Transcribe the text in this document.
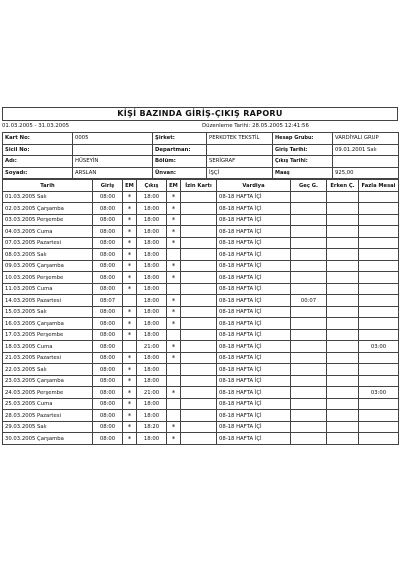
KİŞİ BAZINDA GİRİŞ-ÇIKIŞ RAPORU
01.03.2005 - 31.03.2005	Düzenleme Tarihi: 28.05.2005 12:41:56
Kart No:	0005	Şirket:	PERKOTEK TEKSTİL	Hesap Grubu:	VARDİYALI GRUP
Sicil No:		Departman:		Giriş Tarihi:	09.01.2001 Salı
Adı:	HÜSEYİN	Bölüm:	SERİGRAF	Çıkış Tarihi:	
Soyadı:	ARSLAN	Ünvan:	İŞÇİ	Maaş	925,00
Tarih	Giriş	EM	Çıkış	EM	İzin Kartı	Vardiya	Geç G.	Erken Ç.	Fazla Mesai
01.03.2005 Salı	08:00	*	18:00	*		08-18 HAFTA İÇİ			
02.03.2005 Çarşamba	08:00	*	18:00	*		08-18 HAFTA İÇİ			
03.03.2005 Perşembe	08:00	*	18:00	*		08-18 HAFTA İÇİ			
04.03.2005 Cuma	08:00	*	18:00	*		08-18 HAFTA İÇİ			
07.03.2005 Pazartesi	08:00	*	18:00	*		08-18 HAFTA İÇİ			
08.03.2005 Salı	08:00	*	18:00			08-18 HAFTA İÇİ			
09.03.2005 Çarşamba	08:00	*	18:00	*		08-18 HAFTA İÇİ			
10.03.2005 Perşembe	08:00	*	18:00	*		08-18 HAFTA İÇİ			
11.03.2005 Cuma	08:00	*	18:00			08-18 HAFTA İÇİ			
14.03.2005 Pazartesi	08:07		18:00	*		08-18 HAFTA İÇİ	00:07		
15.03.2005 Salı	08:00	*	18:00	*		08-18 HAFTA İÇİ			
16.03.2005 Çarşamba	08:00	*	18:00	*		08-18 HAFTA İÇİ			
17.03.2005 Perşembe	08:00	*	18:00			08-18 HAFTA İÇİ			
18.03.2005 Cuma	08:00		21:00	*		08-18 HAFTA İÇİ			03:00
21.03.2005 Pazartesi	08:00	*	18:00	*		08-18 HAFTA İÇİ			
22.03.2005 Salı	08:00	*	18:00			08-18 HAFTA İÇİ			
23.03.2005 Çarşamba	08:00	*	18:00			08-18 HAFTA İÇİ			
24.03.2005 Perşembe	08:00	*	21:00	*		08-18 HAFTA İÇİ			03:00
25.03.2005 Cuma	08:00	*	18:00			08-18 HAFTA İÇİ			
28.03.2005 Pazartesi	08:00	*	18:00			08-18 HAFTA İÇİ			
29.03.2005 Salı	08:00	*	18:20	*		08-18 HAFTA İÇİ			
30.03.2005 Çarşamba	08:00	*	18:00	*		08-18 HAFTA İÇİ			
